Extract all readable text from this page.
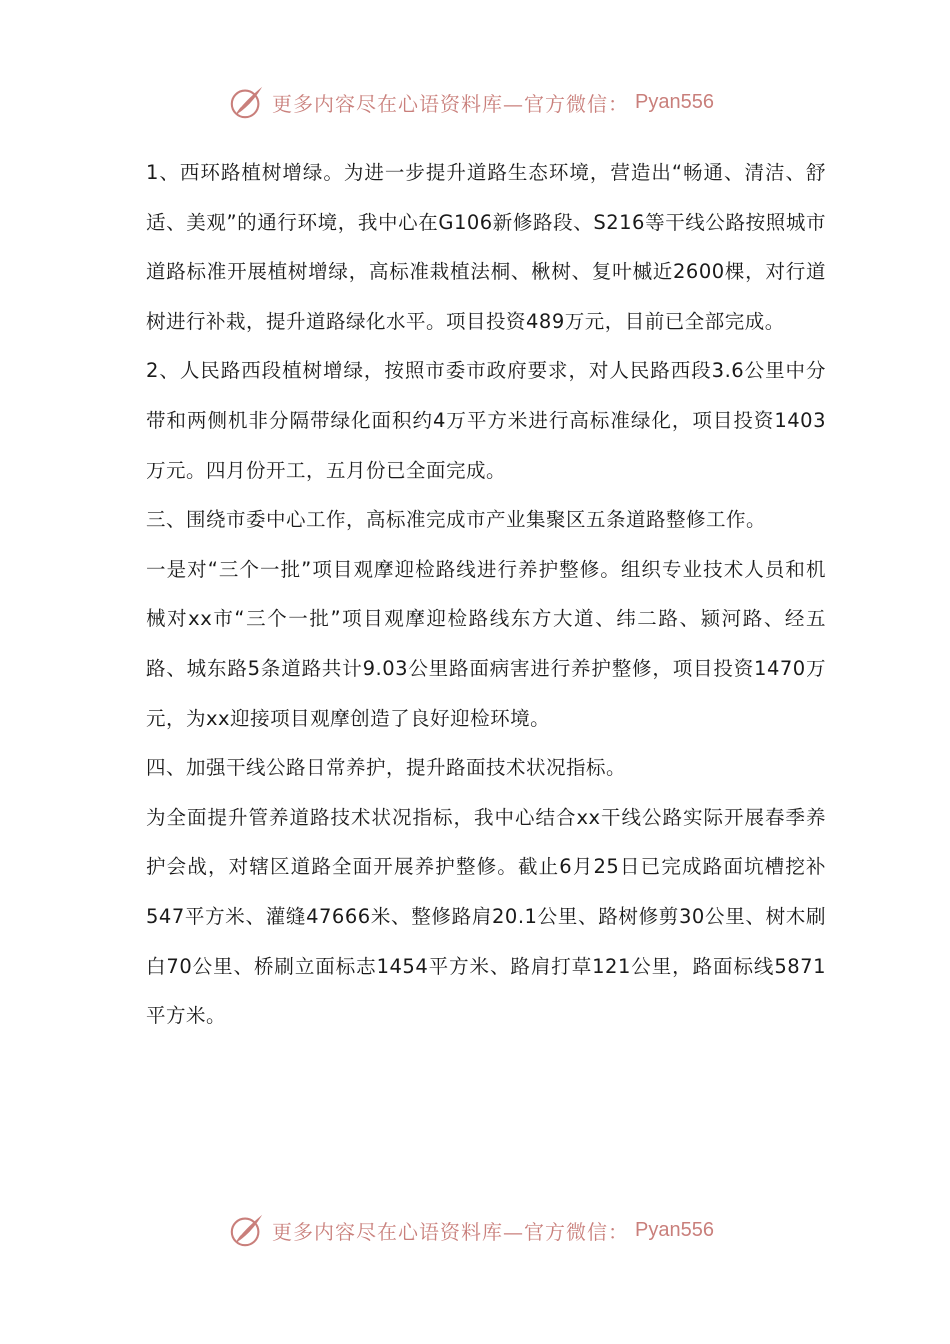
更多内容尽在心语资料库—官方微信： Pyan556

1、西环路植树增绿。为进一步提升道路生态环境，营造出“畅通、清洁、舒适、美观”的通行环境，我中心在G106新修路段、S216等干线公路按照城市道路标准开展植树增绿，高标准栽植法桐、楸树、复叶槭近2600棵，对行道树进行补栽，提升道路绿化水平。项目投资489万元，目前已全部完成。

2、人民路西段植树增绿，按照市委市政府要求，对人民路西段3.6公里中分带和两侧机非分隔带绿化面积约4万平方米进行高标准绿化，项目投资1403万元。四月份开工，五月份已全面完成。

三、围绕市委中心工作，高标准完成市产业集聚区五条道路整修工作。

一是对“三个一批”项目观摩迎检路线进行养护整修。组织专业技术人员和机械对xx市“三个一批”项目观摩迎检路线东方大道、纬二路、颍河路、经五路、城东路5条道路共计9.03公里路面病害进行养护整修，项目投资1470万元，为xx迎接项目观摩创造了良好迎检环境。

四、加强干线公路日常养护，提升路面技术状况指标。

为全面提升管养道路技术状况指标，我中心结合xx干线公路实际开展春季养护会战，对辖区道路全面开展养护整修。截止6月25日已完成路面坑槽挖补547平方米、灌缝47666米、整修路肩20.1公里、路树修剪30公里、树木刷白70公里、桥刷立面标志1454平方米、路肩打草121公里，路面标线5871平方米。

更多内容尽在心语资料库—官方微信： Pyan556
